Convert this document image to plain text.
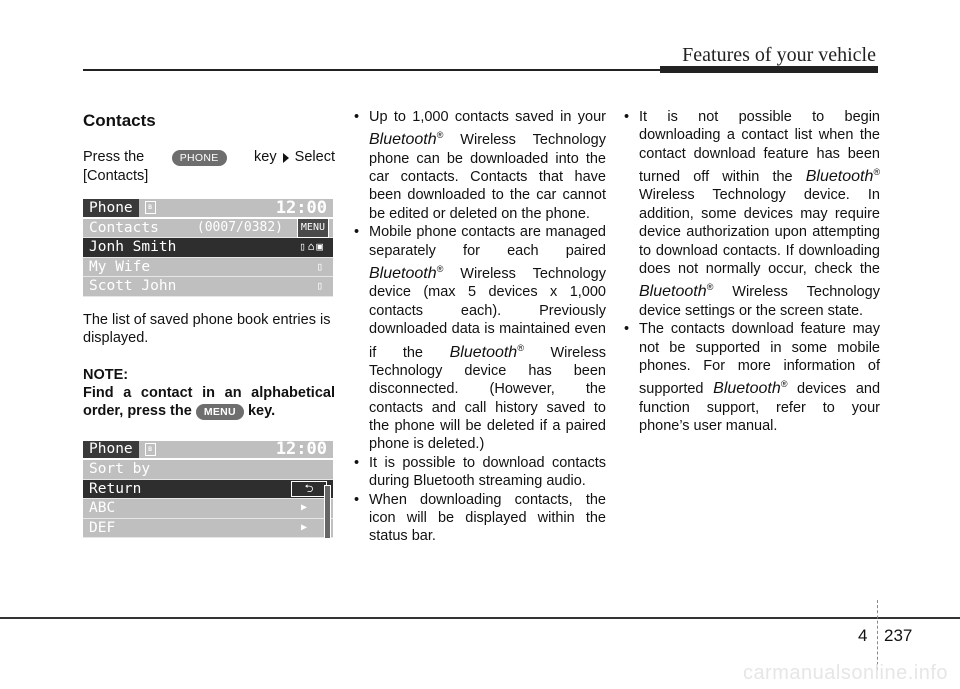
Features of your vehicle
Contacts
Press the	PHONE	key Select
[Contacts]
Phone	ʙ	12:00
Contacts	(0007/0382)	MENU
Jonh Smith	▯⌂▣
My Wife	▯
Scott John	▯
The list of saved phone book entries is displayed.
NOTE:
Find a contact in an alphabetical order, press the MENU key.
Phone	ʙ	12:00
Sort by
Return	⮌
ABC	▶
DEF	▶
• Up to 1,000 contacts saved in your Bluetooth® Wireless Technology phone can be downloaded into the car contacts. Contacts that have been downloaded to the car cannot be edited or deleted on the phone.
• Mobile phone contacts are managed separately for each paired Bluetooth® Wireless Technology device (max 5 devices x 1,000 contacts each). Previously downloaded data is maintained even if the Bluetooth® Wireless Technology device has been disconnected. (However, the contacts and call history saved to the phone will be deleted if a paired phone is deleted.)
• It is possible to download contacts during Bluetooth streaming audio.
• When downloading contacts, the icon will be displayed within the status bar.
• It is not possible to begin downloading a contact list when the contact download feature has been turned off within the Bluetooth® Wireless Technology device. In addition, some devices may require device authorization upon attempting to download contacts. If downloading does not normally occur, check the Bluetooth® Wireless Technology device settings or the screen state.
• The contacts download feature may not be supported in some mobile phones. For more information of supported Bluetooth® devices and function support, refer to your phone’s user manual.
4 237
carmanualsonline.info
